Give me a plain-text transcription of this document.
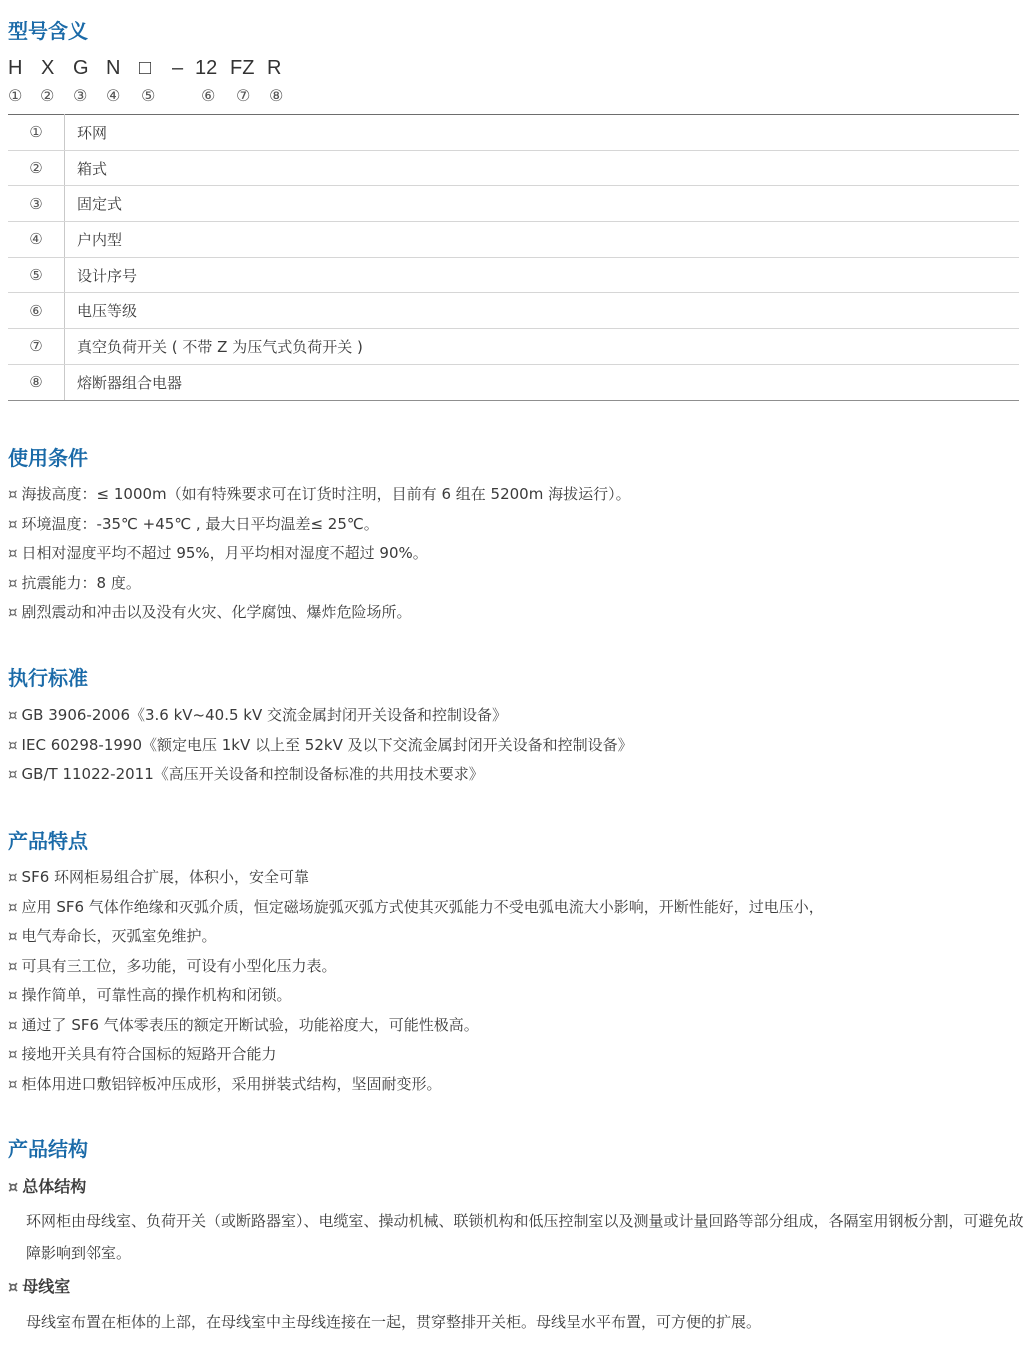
型号含义
H X G N □ – 12 FZ R
① ② ③ ④ ⑤	⑥ ⑦ ⑧
①	环网
②	箱式
③	固定式
④	户内型
⑤	设计序号
⑥	电压等级
⑦	真空负荷开关 ( 不带 Z 为压气式负荷开关 )
⑧	熔断器组合电器
使用条件
¤ 海拔高度：≤ 1000m（如有特殊要求可在订货时注明，目前有 6 组在 5200m 海拔运行）。
¤ 环境温度：-35℃ +45℃ , 最大日平均温差≤ 25℃。
¤ 日相对湿度平均不超过 95%，月平均相对湿度不超过 90%。
¤ 抗震能力：8 度。
¤ 剧烈震动和冲击以及没有火灾、化学腐蚀、爆炸危险场所。
执行标准
¤ GB 3906-2006《3.6 kV~40.5 kV 交流金属封闭开关设备和控制设备》
¤ IEC 60298-1990《额定电压 1kV 以上至 52kV 及以下交流金属封闭开关设备和控制设备》
¤ GB/T 11022-2011《高压开关设备和控制设备标准的共用技术要求》
产品特点
¤ SF6 环网柜易组合扩展，体积小，安全可靠
¤ 应用 SF6 气体作绝缘和灭弧介质，恒定磁场旋弧灭弧方式使其灭弧能力不受电弧电流大小影响，开断性能好，过电压小，
¤ 电气寿命长，灭弧室免维护。
¤ 可具有三工位，多功能，可设有小型化压力表。
¤ 操作简单，可靠性高的操作机构和闭锁。
¤ 通过了 SF6 气体零表压的额定开断试验，功能裕度大，可能性极高。
¤ 接地开关具有符合国标的短路开合能力
¤ 柜体用进口敷铝锌板冲压成形，采用拼装式结构，坚固耐变形。
产品结构
¤ 总体结构

环网柜由母线室、负荷开关（或断路器室）、电缆室、操动机械、联锁机构和低压控制室以及测量或计量回路等部分组成，各隔室用钢板分割，可避免故障影响到邻室。

¤ 母线室

母线室布置在柜体的上部，在母线室中主母线连接在一起，贯穿整排开关柜。母线呈水平布置，可方便的扩展。
